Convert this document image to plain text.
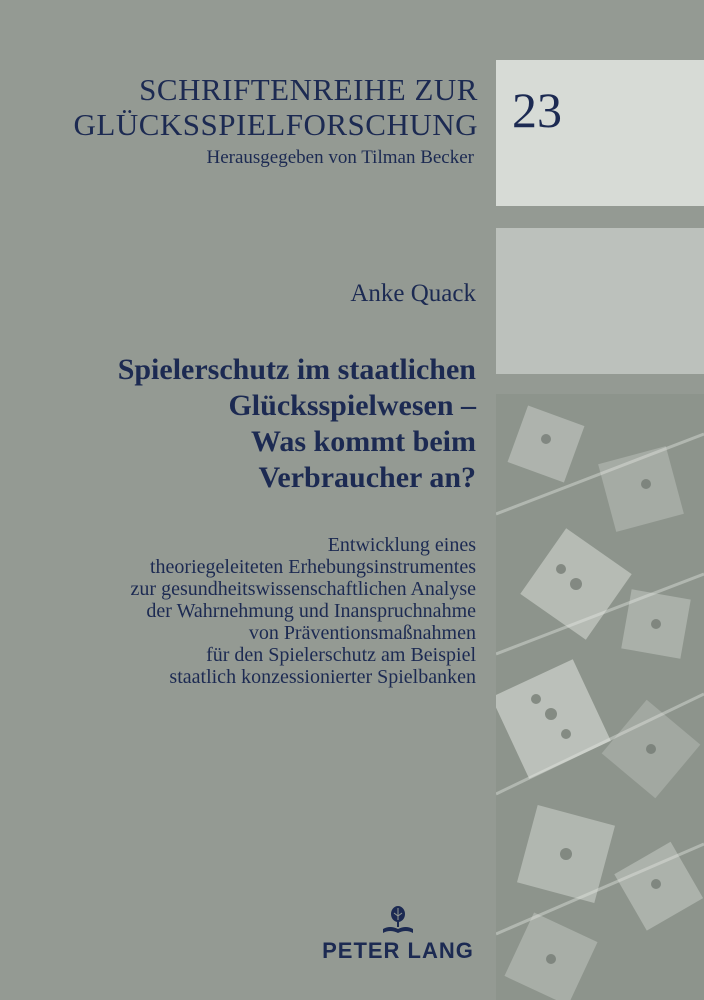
SCHRIFTENREIHE ZUR
GLÜCKSSPIELFORSCHUNG
Herausgegeben von Tilman Becker
23
Anke Quack
Spielerschutz im staatlichen
Glücksspielwesen –
Was kommt beim
Verbraucher an?
Entwicklung eines
theoriegeleiteten Erhebungsinstrumentes
zur gesundheitswissenschaftlichen Analyse
der Wahrnehmung und Inanspruchnahme
von Präventionsmaßnahmen
für den Spielerschutz am Beispiel
staatlich konzessionierter Spielbanken
PETER LANG
